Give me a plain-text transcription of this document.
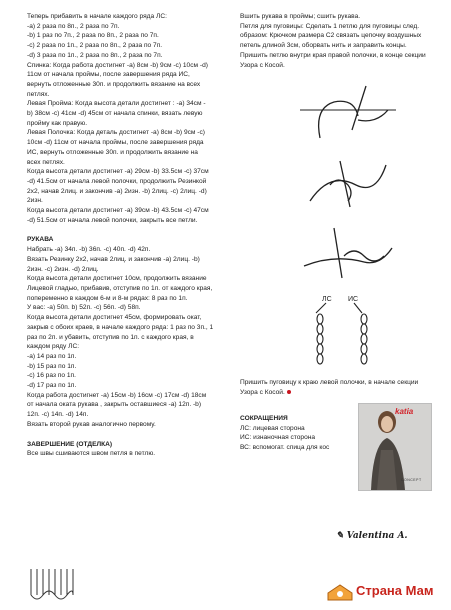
Теперь прибавить в начале каждого ряда ЛС:

-а) 2 раза по 8п., 2 раза по 7п.

-b) 1 раз по 7п., 2 раза по 8п., 2 раза по 7п.

-с) 2 раза по 1п., 2 раза по 8п., 2 раза по 7п.

-d) 3 раза по 1п., 2 раза по 8п., 2 раза по 7п.

Спинка: Когда работа достигнет -а) 8см -b) 9см -с) 10см -d)

11см от начала проймы, после завершения ряда ИС,

вернуть отложенные 30п. и продолжить вязание на всех

петлях.

Левая Пройма: Когда высота детали достигнет : -а) 34см -

b) 38см -с) 41см -d) 45см от начала спинки, вязать левую

пройму как правую.

Левая Полочка: Когда деталь достигнет -а) 8см -b) 9см -с)

10см -d) 11см от начала проймы, после завершения ряда

ИС, вернуть отложенные 30п. и продолжить вязание на

всех петлях.

Когда высота детали достигнет -а) 29см -b) 33.5см -с) 37см

-d) 41.5см от начала левой полочки, продолжить Резинкой

2х2, начав 2лиц. и закончив -а) 2изн. -b) 2лиц. -с) 2лиц. -d)

2изн.

Когда высота детали достигнет -а) 39см -b) 43.5см -с) 47см

-d) 51.5см от начала левой полочки, закрыть все петли.

РУКАВА

Набрать -а) 34п. -b) 36п. -с) 40п. -d) 42п.

Вязать Резинку 2х2, начав 2лиц. и закончив -а) 2лиц. -b)

2изн. -с) 2изн. -d) 2лиц.

Когда высота детали достигнет 10см, продолжить вязание

Лицевой гладью, прибавив, отступив по 1п. от каждого края,

попеременно в каждом 6-м и 8-м рядах: 8 раз по 1п.

У вас: -а) 50п. b) 52п. -с) 56п. -d) 58п.

Когда высота детали достигнет 45см, формировать окат,

закрыв с обоих краев, в начале каждого ряда: 1 раз по 3п., 1

раз по 2п. и убавить, отступив по 1п. с каждого края, в

каждом ряду ЛС:

-а) 14 раз по 1п.

-b) 15 раз по 1п.

-с) 16 раз по 1п.

-d) 17 раз по 1п.

Когда работа достигнет -а) 15см -b) 16см -с) 17см -d) 18см

от начала оката рукава , закрыть оставшиеся -а) 12п. -b)

12п. -с) 14п. -d) 14п.

Вязать второй рукав аналогично первому.

ЗАВЕРШЕНИЕ (ОТДЕЛКА)

Все швы сшиваются швом петля в петлю.

Вшить рукава в проймы; сшить рукава.

Петля для пуговицы: Сделать 1 петлю для пуговицы след.

образом: Крючком размера С2 связать цепочку воздушных

петель длиной 3см, оборвать нить и заправить концы.

Пришить петлю внутри края правой полочки, в конце секции

Узора с Косой.

ЛС ИС

Пришить пуговицу к краю левой полочки, в начале секции

Узора с Косой.

СОКРАЩЕНИЯ

ЛС: лицевая сторона

ИС: изнаночная сторона

ВС: вспомогат. спица для кос

katia
CONCEPT
✎ Valentina A.
Страна Мам
